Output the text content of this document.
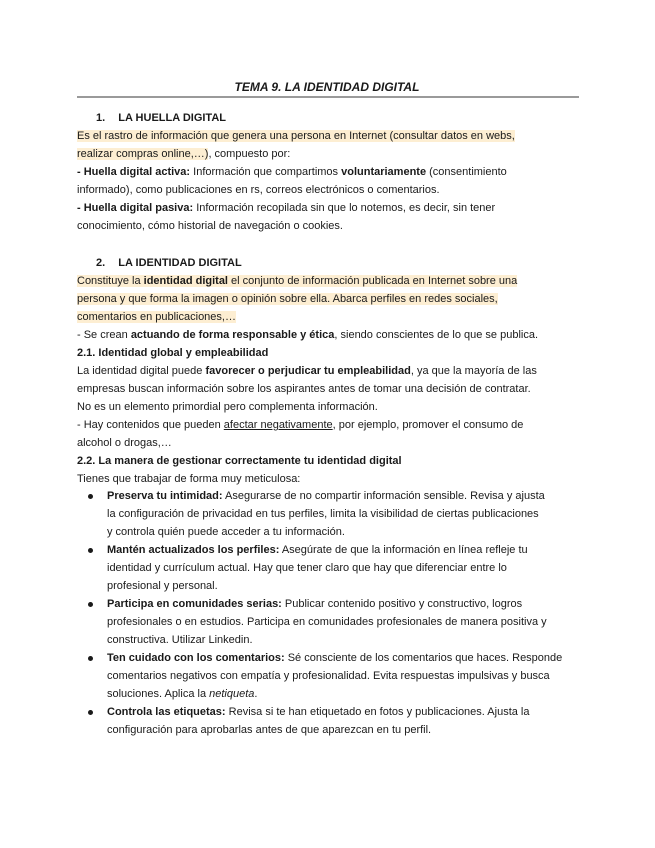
TEMA 9. LA IDENTIDAD DIGITAL
1. LA HUELLA DIGITAL
Es el rastro de información que genera una persona en Internet (consultar datos en webs,
realizar compras online,…), compuesto por:
- Huella digital activa: Información que compartimos voluntariamente (consentimiento
informado), como publicaciones en rs, correos electrónicos o comentarios.
- Huella digital pasiva: Información recopilada sin que lo notemos, es decir, sin tener
conocimiento, cómo historial de navegación o cookies.
2. LA IDENTIDAD DIGITAL
Constituye la identidad digital el conjunto de información publicada en Internet sobre una
persona y que forma la imagen o opinión sobre ella. Abarca perfiles en redes sociales,
comentarios en publicaciones,…
- Se crean actuando de forma responsable y ética, siendo conscientes de lo que se publica.
2.1. Identidad global y empleabilidad
La identidad digital puede favorecer o perjudicar tu empleabilidad, ya que la mayoría de las
empresas buscan información sobre los aspirantes antes de tomar una decisión de contratar.
No es un elemento primordial pero complementa información.
- Hay contenidos que pueden afectar negativamente, por ejemplo, promover el consumo de
alcohol o drogas,…
2.2. La manera de gestionar correctamente tu identidad digital
Tienes que trabajar de forma muy meticulosa:
Preserva tu intimidad: Asegurarse de no compartir información sensible. Revisa y ajusta
la configuración de privacidad en tus perfiles, limita la visibilidad de ciertas publicaciones
y controla quién puede acceder a tu información.
Mantén actualizados los perfiles: Asegúrate de que la información en línea refleje tu
identidad y currículum actual. Hay que tener claro que hay que diferenciar entre lo
profesional y personal.
Participa en comunidades serias: Publicar contenido positivo y constructivo, logros
profesionales o en estudios. Participa en comunidades profesionales de manera positiva y
constructiva. Utilizar Linkedin.
Ten cuidado con los comentarios: Sé consciente de los comentarios que haces. Responde
comentarios negativos con empatía y profesionalidad. Evita respuestas impulsivas y busca
soluciones. Aplica la netiqueta.
Controla las etiquetas: Revisa si te han etiquetado en fotos y publicaciones. Ajusta la
configuración para aprobarlas antes de que aparezcan en tu perfil.
